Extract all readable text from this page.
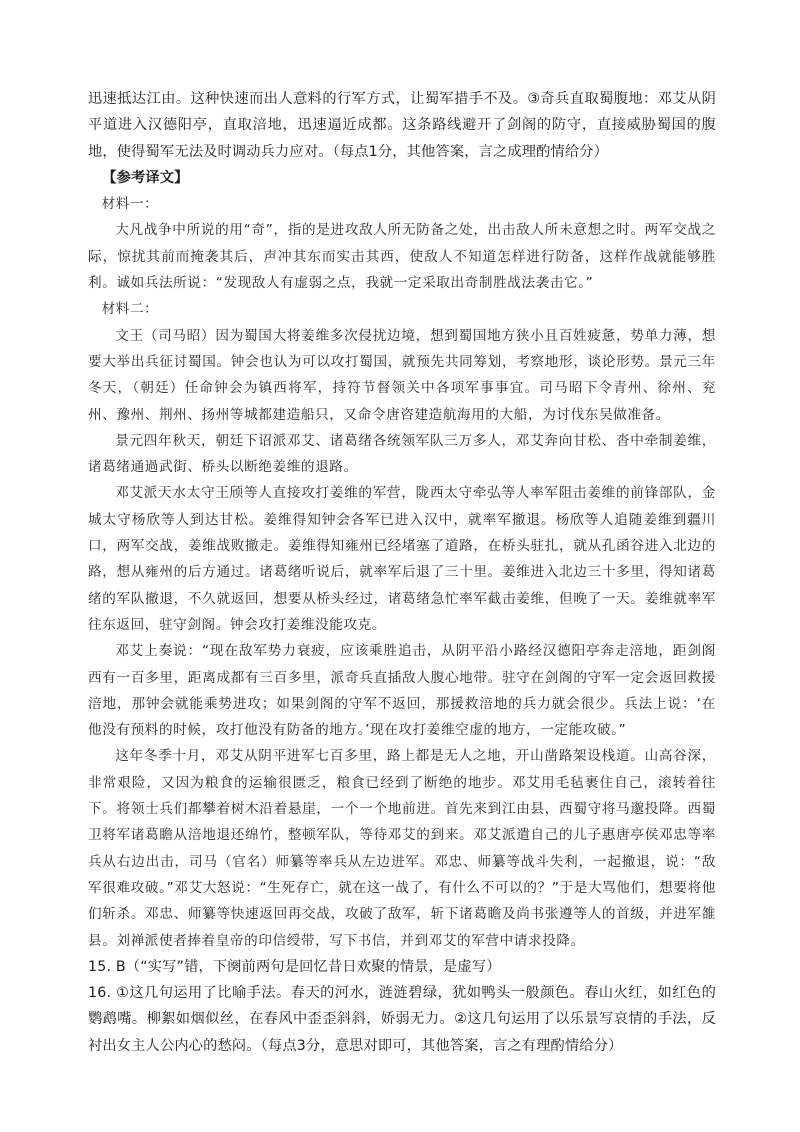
迅速抵达江由。这种快速而出人意料的行军方式，让蜀军措手不及。③奇兵直取蜀腹地：邓艾从阴平道进入汉德阳亭，直取涪地，迅速逼近成都。这条路线避开了剑阁的防守，直接威胁蜀国的腹地，使得蜀军无法及时调动兵力应对。（每点1分，其他答案，言之成理酌情给分）

【参考译文】

材料一：

大凡战争中所说的用“奇”，指的是进攻敌人所无防备之处，出击敌人所未意想之时。两军交战之际，惊扰其前而掩袭其后，声冲其东而实击其西，使敌人不知道怎样进行防备，这样作战就能够胜利。诚如兵法所说：“发现敌人有虚弱之点，我就一定采取出奇制胜战法袭击它。”

材料二：

文王（司马昭）因为蜀国大将姜维多次侵扰边境，想到蜀国地方狭小且百姓疲惫，势单力薄，想要大举出兵征讨蜀国。钟会也认为可以攻打蜀国，就预先共同筹划，考察地形，谈论形势。景元三年冬天，（朝廷）任命钟会为镇西将军，持符节督领关中各项军事事宜。司马昭下令青州、徐州、兖州、豫州、荆州、扬州等城都建造船只，又命令唐咨建造航海用的大船，为讨伐东吴做准备。

景元四年秋天，朝廷下诏派邓艾、诸葛绪各统领军队三万多人，邓艾奔向甘松、沓中牵制姜维，诸葛绪通過武街、桥头以断绝姜维的退路。

邓艾派天水太守王颀等人直接攻打姜维的军营，陇西太守牵弘等人率军阻击姜维的前锋部队，金城太守杨欣等人到达甘松。姜维得知钟会各军已进入汉中，就率军撤退。杨欣等人追随姜维到疆川口，两军交战，姜维战败撤走。姜维得知雍州已经堵塞了道路，在桥头驻扎，就从孔函谷进入北边的路，想从雍州的后方通过。诸葛绪听说后，就率军后退了三十里。姜维进入北边三十多里，得知诸葛绪的军队撤退，不久就返回，想要从桥头经过，诸葛绪急忙率军截击姜维，但晚了一天。姜维就率军往东返回，驻守剑阁。钟会攻打姜维没能攻克。

邓艾上奏说：“现在敌军势力衰疲，应该乘胜追击，从阴平沿小路经汉德阳亭奔走涪地，距剑阁西有一百多里，距离成都有三百多里，派奇兵直插敌人腹心地带。驻守在剑阁的守军一定会返回救援涪地，那钟会就能乘势进攻；如果剑阁的守军不返回，那援救涪地的兵力就会很少。兵法上说：‘在他没有预料的时候，攻打他没有防备的地方。’现在攻打姜维空虚的地方，一定能攻破。”

这年冬季十月，邓艾从阴平进军七百多里，路上都是无人之地，开山凿路架设栈道。山高谷深，非常艰险，又因为粮食的运输很匮乏，粮食已经到了断绝的地步。邓艾用毛毡裹住自己，滚转着往下。将领士兵们都攀着树木沿着悬崖，一个一个地前进。首先来到江由县，西蜀守将马邈投降。西蜀卫将军诸葛瞻从涪地退还绵竹，整顿军队，等待邓艾的到来。邓艾派遣自己的儿子惠唐亭侯邓忠等率兵从右边出击，司马（官名）师纂等率兵从左边进军。邓忠、师纂等战斗失利，一起撤退，说：“敌军很难攻破。”邓艾大怒说：“生死存亡，就在这一战了，有什么不可以的？”于是大骂他们，想要将他们斩杀。邓忠、师纂等快速返回再交战，攻破了敌军，斩下诸葛瞻及尚书张遵等人的首级，并进军雒县。刘禅派使者捧着皇帝的印信绶带，写下书信，并到邓艾的军营中请求投降。

15. B（“实写”错，下阕前两句是回忆昔日欢聚的情景，是虚写）

16. ①这几句运用了比喻手法。春天的河水，涟涟碧绿，犹如鸭头一般颜色。春山火红，如红色的鹦鹉嘴。柳絮如烟似丝，在春风中歪歪斜斜，娇弱无力。②这几句运用了以乐景写哀情的手法，反衬出女主人公内心的愁闷。（每点3分，意思对即可，其他答案，言之有理酌情给分）
